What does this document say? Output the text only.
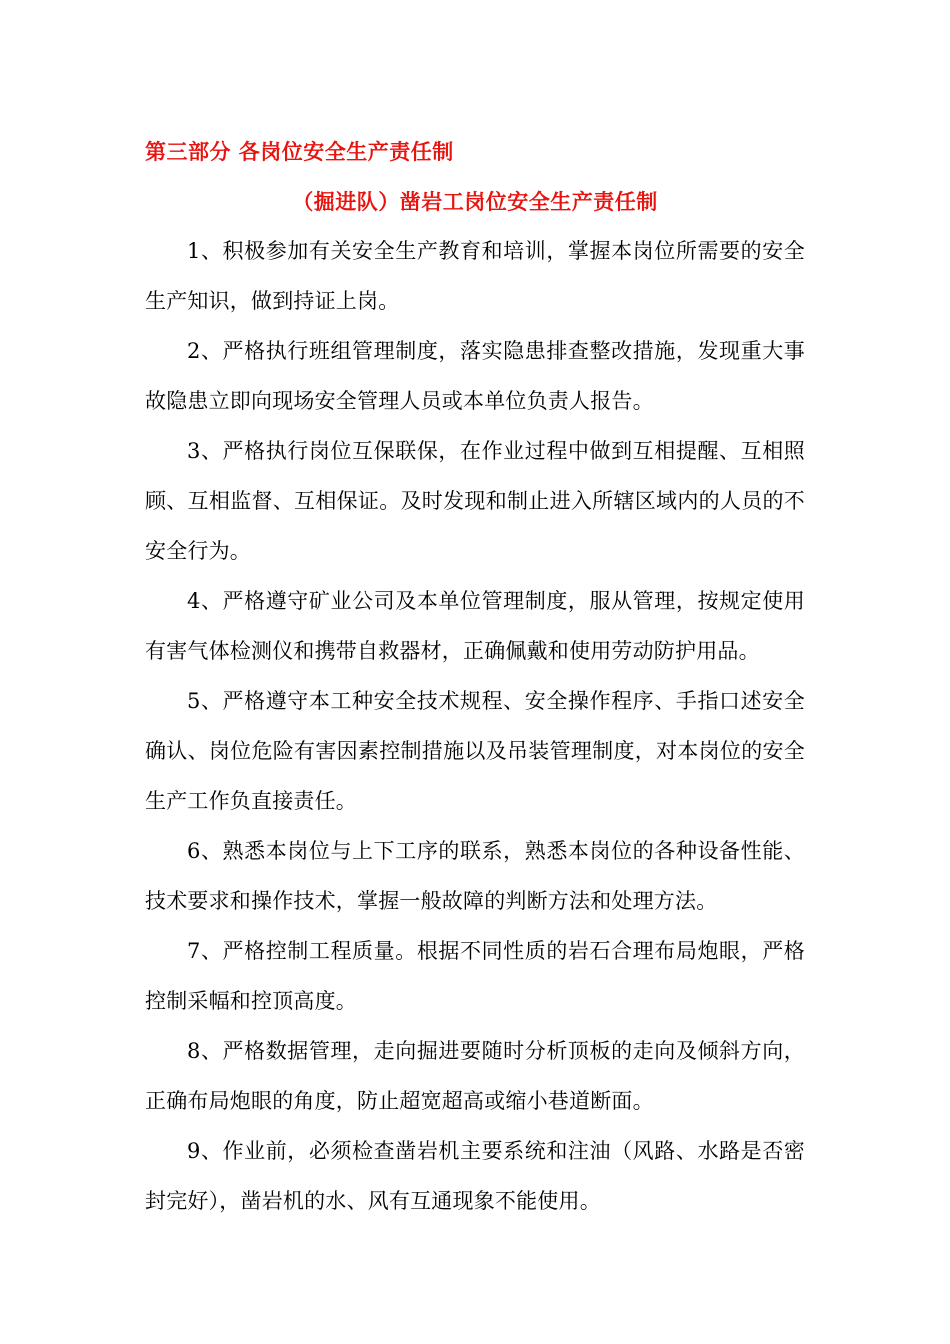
第三部分 各岗位安全生产责任制
（掘进队）凿岩工岗位安全生产责任制

1、积极参加有关安全生产教育和培训，掌握本岗位所需要的安全生产知识，做到持证上岗。

2、严格执行班组管理制度，落实隐患排查整改措施，发现重大事故隐患立即向现场安全管理人员或本单位负责人报告。

3、严格执行岗位互保联保，在作业过程中做到互相提醒、互相照顾、互相监督、互相保证。及时发现和制止进入所辖区域内的人员的不安全行为。

4、严格遵守矿业公司及本单位管理制度，服从管理，按规定使用有害气体检测仪和携带自救器材，正确佩戴和使用劳动防护用品。

5、严格遵守本工种安全技术规程、安全操作程序、手指口述安全确认、岗位危险有害因素控制措施以及吊装管理制度，对本岗位的安全生产工作负直接责任。

6、熟悉本岗位与上下工序的联系，熟悉本岗位的各种设备性能、技术要求和操作技术，掌握一般故障的判断方法和处理方法。

7、严格控制工程质量。根据不同性质的岩石合理布局炮眼，严格控制采幅和控顶高度。

8、严格数据管理，走向掘进要随时分析顶板的走向及倾斜方向，正确布局炮眼的角度，防止超宽超高或缩小巷道断面。

9、作业前，必须检查凿岩机主要系统和注油（风路、水路是否密封完好），凿岩机的水、风有互通现象不能使用。
